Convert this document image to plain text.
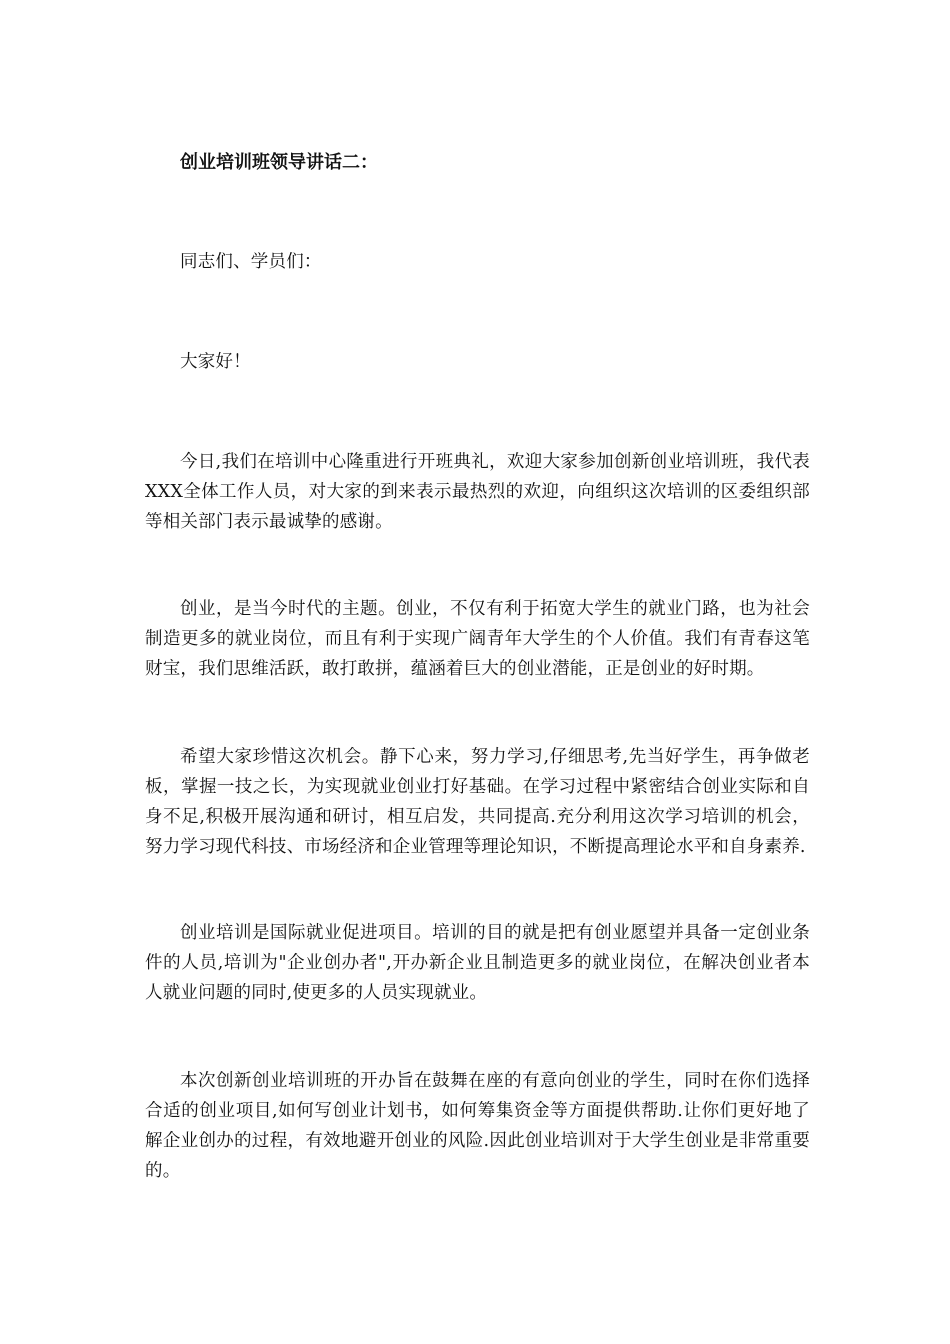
创业培训班领导讲话二：

同志们、学员们：

大家好！

今日,我们在培训中心隆重进行开班典礼，欢迎大家参加创新创业培训班，我代表XXX全体工作人员，对大家的到来表示最热烈的欢迎，向组织这次培训的区委组织部等相关部门表示最诚挚的感谢。

创业，是当今时代的主题。创业，不仅有利于拓宽大学生的就业门路，也为社会制造更多的就业岗位，而且有利于实现广阔青年大学生的个人价值。我们有青春这笔财宝，我们思维活跃，敢打敢拼，蕴涵着巨大的创业潜能，正是创业的好时期。

希望大家珍惜这次机会。静下心来，努力学习,仔细思考,先当好学生，再争做老板，掌握一技之长，为实现就业创业打好基础。在学习过程中紧密结合创业实际和自身不足,积极开展沟通和研讨，相互启发，共同提高.充分利用这次学习培训的机会，努力学习现代科技、市场经济和企业管理等理论知识，不断提高理论水平和自身素养.

创业培训是国际就业促进项目。培训的目的就是把有创业愿望并具备一定创业条件的人员,培训为"企业创办者",开办新企业且制造更多的就业岗位，在解决创业者本人就业问题的同时,使更多的人员实现就业。

本次创新创业培训班的开办旨在鼓舞在座的有意向创业的学生，同时在你们选择合适的创业项目,如何写创业计划书，如何筹集资金等方面提供帮助.让你们更好地了解企业创办的过程，有效地避开创业的风险.因此创业培训对于大学生创业是非常重要的。
